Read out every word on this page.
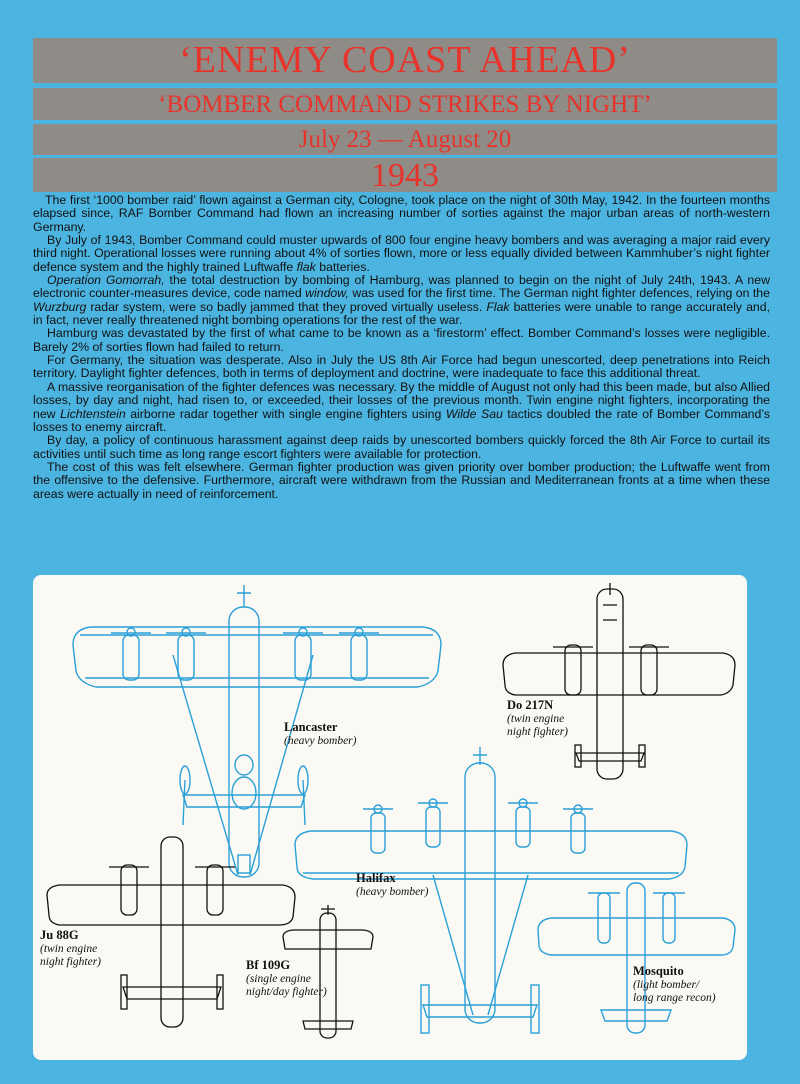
‘ENEMY COAST AHEAD’
‘BOMBER COMMAND STRIKES BY NIGHT’
July 23 — August 20
1943

The first ‘1000 bomber raid’ flown against a German city, Cologne, took place on the night of 30th May, 1942. In the fourteen months elapsed since, RAF Bomber Command had flown an increasing number of sorties against the major urban areas of north-western Germany.

By July of 1943, Bomber Command could muster upwards of 800 four engine heavy bombers and was averaging a major raid every third night. Operational losses were running about 4% of sorties flown, more or less equally divided between Kammhuber’s night fighter defence system and the highly trained Luftwaffe flak batteries.

Operation Gomorrah, the total destruction by bombing of Hamburg, was planned to begin on the night of July 24th, 1943. A new electronic counter-measures device, code named window, was used for the first time. The German night fighter defences, relying on the Wurzburg radar system, were so badly jammed that they proved virtually useless. Flak batteries were unable to range accurately and, in fact, never really threatened night bombing operations for the rest of the war.

Hamburg was devastated by the first of what came to be known as a ‘firestorm’ effect. Bomber Command’s losses were negligible. Barely 2% of sorties flown had failed to return.

For Germany, the situation was desperate. Also in July the US 8th Air Force had begun unescorted, deep penetrations into Reich territory. Daylight fighter defences, both in terms of deployment and doctrine, were inadequate to face this additional threat.

A massive reorganisation of the fighter defences was necessary. By the middle of August not only had this been made, but also Allied losses, by day and night, had risen to, or exceeded, their losses of the previous month. Twin engine night fighters, incorporating the new Lichtenstein airborne radar together with single engine fighters using Wilde Sau tactics doubled the rate of Bomber Command’s losses to enemy aircraft.

By day, a policy of continuous harassment against deep raids by unescorted bombers quickly forced the 8th Air Force to curtail its activities until such time as long range escort fighters were available for protection.

The cost of this was felt elsewhere. German fighter production was given priority over bomber production; the Luftwaffe went from the offensive to the defensive. Furthermore, aircraft were withdrawn from the Russian and Mediterranean fronts at a time when these areas were actually in need of reinforcement.

Lancaster
(heavy bomber)
Do 217N
(twin engine
night fighter)
Halifax
(heavy bomber)
Ju 88G
(twin engine
night fighter)	Bf 109G
(single engine
night/day fighter)
Mosquito
(light bomber/
long range recon)
